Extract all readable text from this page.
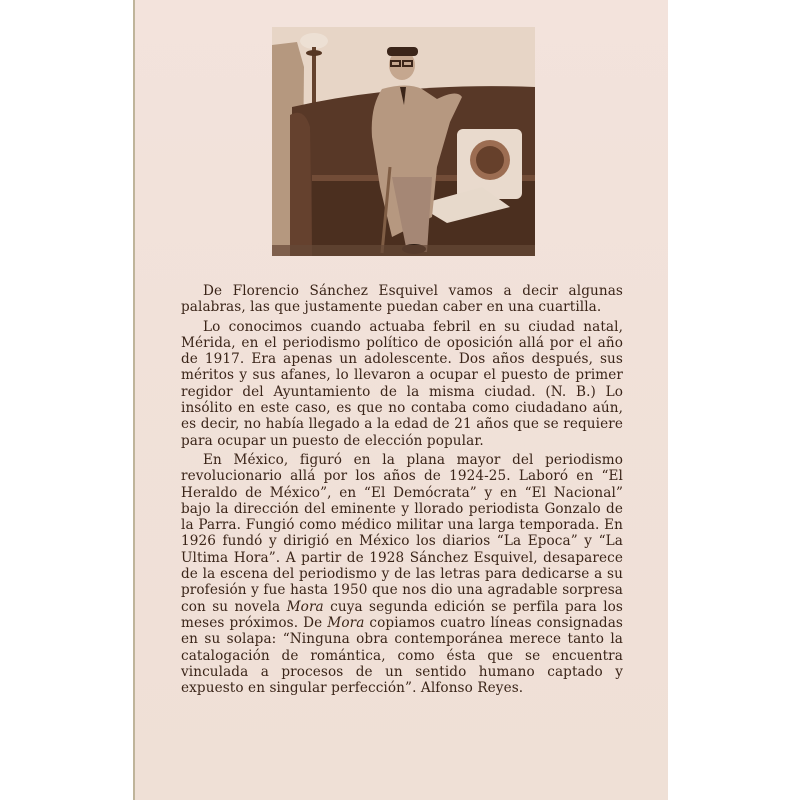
De Florencio Sánchez Esquivel vamos a decir algunas palabras, las que justamente puedan caber en una cuartilla.

Lo conocimos cuando actuaba febril en su ciudad natal, Mérida, en el periodismo político de oposición allá por el año de 1917. Era apenas un adolescente. Dos años después, sus méritos y sus afanes, lo llevaron a ocupar el puesto de primer regidor del Ayuntamiento de la misma ciudad. (N. B.) Lo insólito en este caso, es que no contaba como ciudadano aún, es decir, no había llegado a la edad de 21 años que se requiere para ocupar un puesto de elección popular.

En México, figuró en la plana mayor del periodismo revolucionario allá por los años de 1924-25. Laboró en “El Heraldo de México”, en “El Demócrata” y en “El Nacional” bajo la dirección del eminente y llorado periodista Gonzalo de la Parra. Fungió como médico militar una larga temporada. En 1926 fundó y dirigió en México los diarios “La Epoca” y “La Ultima Hora”. A partir de 1928 Sánchez Esquivel, desaparece de la escena del periodismo y de las letras para dedicarse a su profesión y fue hasta 1950 que nos dio una agradable sorpresa con su novela Mora cuya segunda edición se perfila para los meses próximos. De Mora copiamos cuatro líneas consignadas en su solapa: “Ninguna obra contemporánea merece tanto la catalogación de romántica, como ésta que se encuentra vinculada a procesos de un sentido humano captado y expuesto en singular perfección”. Alfonso Reyes.
